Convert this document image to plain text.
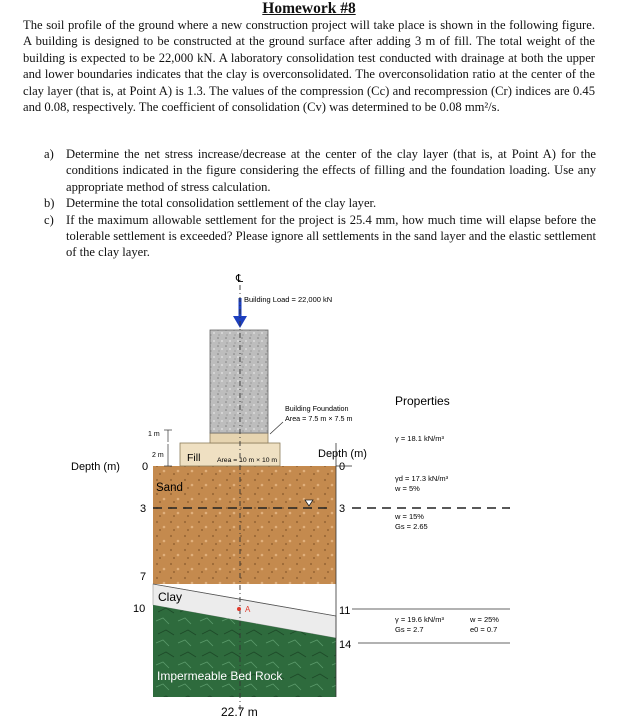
Homework #8
The soil profile of the ground where a new construction project will take place is shown in the following figure. A building is designed to be constructed at the ground surface after adding 3 m of fill. The total weight of the building is expected to be 22,000 kN. A laboratory consolidation test conducted with drainage at both the upper and lower boundaries indicates that the clay is overconsolidated. The overconsolidation ratio at the center of the clay layer (that is, at Point A) is 1.3. The values of the compression (Cc) and recompression (Cr) indices are 0.45 and 0.08, respectively. The coefficient of consolidation (Cv) was determined to be 0.08 mm²/s.
a) Determine the net stress increase/decrease at the center of the clay layer (that is, at Point A) for the conditions indicated in the figure considering the effects of filling and the foundation loading. Use any appropriate method of stress calculation.
b) Determine the total consolidation settlement of the clay layer.
c) If the maximum allowable settlement for the project is 25.4 mm, how much time will elapse before the tolerable settlement is exceeded? Please ignore all settlements in the sand layer and the elastic settlement of the clay layer.
℄
Building Load = 22,000 kN
Building Foundation
Area = 7.5 m × 7.5 m
1 m
2 m Fill Area = 10 m × 10 m
Depth (m) 0
3
7
10
Depth (m)
0
3
11
14
Sand
Clay
Impermeable Bed Rock
A
22.7 m
Properties
γ = 18.1 kN/m³
γd = 17.3 kN/m³
w = 5%
w = 15%
Gs = 2.65
γ = 19.6 kN/m³
Gs = 2.7
w = 25%
e0 = 0.7
